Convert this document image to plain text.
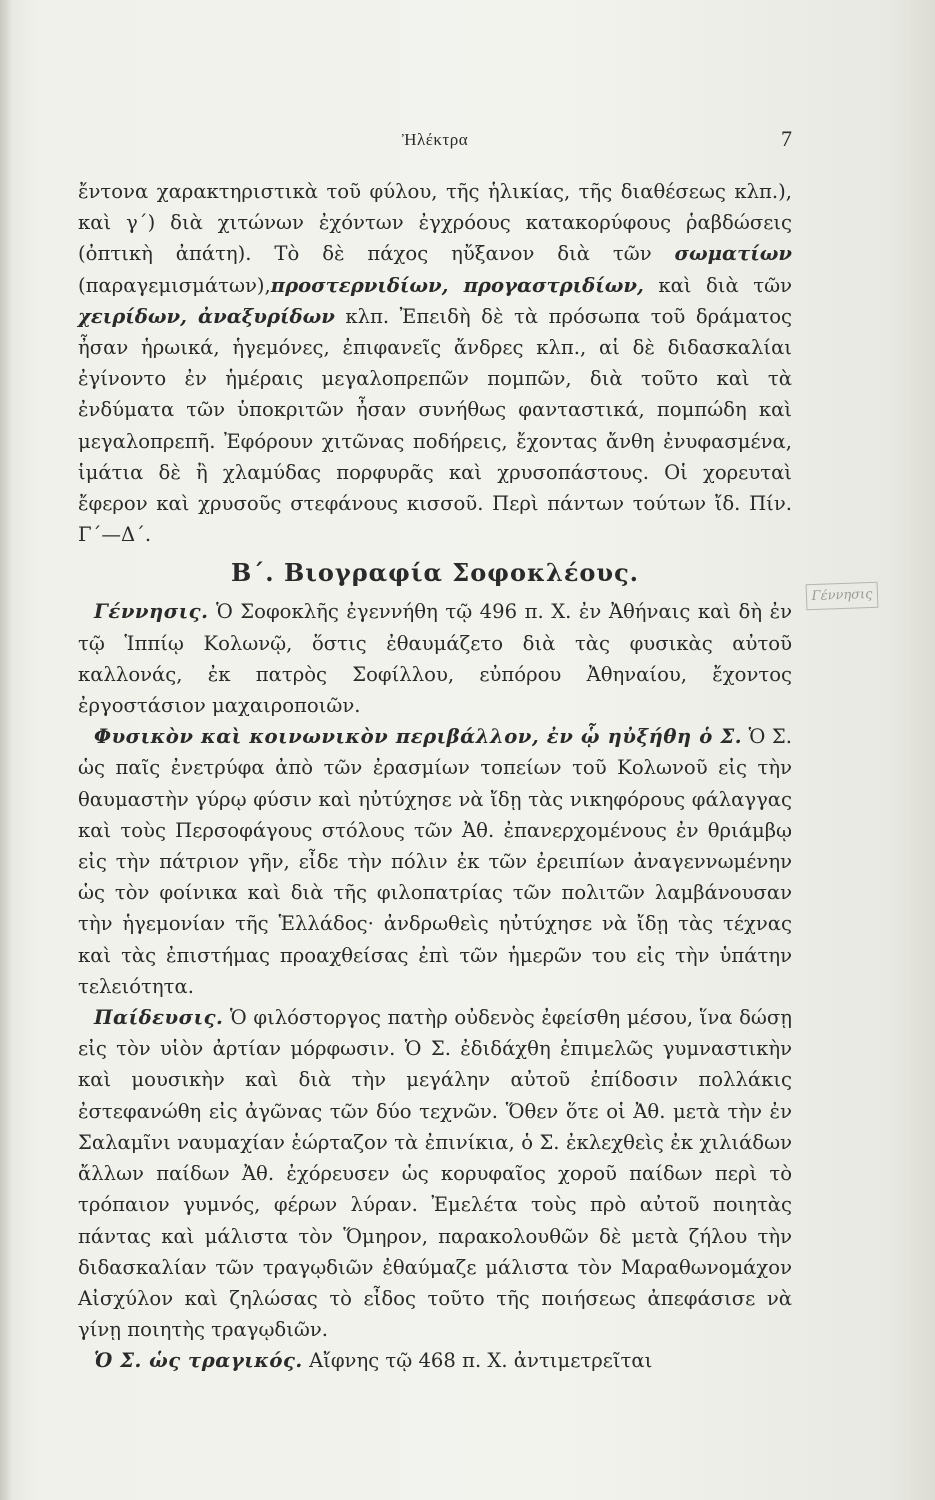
Ἠλέκτρα	7

ἔντονα χαρακτηριστικὰ τοῦ φύλου, τῆς ἡλικίας, τῆς διαθέσεως κλπ.), καὶ γ΄) διὰ χιτώνων ἐχόντων ἐγχρόους κατακορύφους ῥαβδώσεις (ὀπτικὴ ἀπάτη). Τὸ δὲ πάχος ηὔξανον διὰ τῶν σωματίων (παραγεμισμάτων),προστερνιδίων, προγαστριδίων, καὶ διὰ τῶν χειρίδων, ἀναξυρίδων κλπ. Ἐπειδὴ δὲ τὰ πρόσωπα τοῦ δράματος ἦσαν ἡρωικά, ἡγεμόνες, ἐπιφανεῖς ἄνδρες κλπ., αἱ δὲ διδασκαλίαι ἐγίνοντο ἐν ἡμέραις μεγαλοπρεπῶν πομπῶν, διὰ τοῦτο καὶ τὰ ἐνδύματα τῶν ὑποκριτῶν ἦσαν συνήθως φανταστικά, πομπώδη καὶ μεγαλοπρεπῆ. Ἐφόρουν χιτῶνας ποδήρεις, ἔχοντας ἄνθη ἐνυφασμένα, ἱμάτια δὲ ἢ χλαμύδας πορφυρᾶς καὶ χρυσοπάστους. Οἱ χορευταὶ ἔφερον καὶ χρυσοῦς στεφάνους κισσοῦ. Περὶ πάντων τούτων ἴδ. Πίν. Γ΄—Δ΄.

Β΄. Βιογραφία Σοφοκλέους.

Γέννησις. Ὁ Σοφοκλῆς ἐγεννήθη τῷ 496 π. Χ. ἐν Ἀθήναις καὶ δὴ ἐν τῷ Ἱππίῳ Κολωνῷ, ὅστις ἐθαυμάζετο διὰ τὰς φυσικὰς αὐτοῦ καλλονάς, ἐκ πατρὸς Σοφίλλου, εὐπόρου Ἀθηναίου, ἔχοντος ἐργοστάσιον μαχαιροποιῶν.

Φυσικὸν καὶ κοινωνικὸν περιβάλλον, ἐν ᾧ ηὐξήθη ὁ Σ. Ὁ Σ. ὡς παῖς ἐνετρύφα ἀπὸ τῶν ἐρασμίων τοπείων τοῦ Κολωνοῦ εἰς τὴν θαυμαστὴν γύρῳ φύσιν καὶ ηὐτύχησε νὰ ἴδῃ τὰς νικηφόρους φάλαγγας καὶ τοὺς Περσοφάγους στόλους τῶν Ἀθ. ἐπανερχομένους ἐν θριάμβῳ εἰς τὴν πάτριον γῆν, εἶδε τὴν πόλιν ἐκ τῶν ἐρειπίων ἀναγεννωμένην ὡς τὸν φοίνικα καὶ διὰ τῆς φιλοπατρίας τῶν πολιτῶν λαμβάνουσαν τὴν ἡγεμονίαν τῆς Ἑλλάδος· ἀνδρωθεὶς ηὐτύχησε νὰ ἴδῃ τὰς τέχνας καὶ τὰς ἐπιστήμας προαχθείσας ἐπὶ τῶν ἡμερῶν του εἰς τὴν ὑπάτην τελειότητα.

Παίδευσις. Ὁ φιλόστοργος πατὴρ οὐδενὸς ἐφείσθη μέσου, ἵνα δώσῃ εἰς τὸν υἱὸν ἀρτίαν μόρφωσιν. Ὁ Σ. ἐδιδάχθη ἐπιμελῶς γυμναστικὴν καὶ μουσικὴν καὶ διὰ τὴν μεγάλην αὐτοῦ ἐπίδοσιν πολλάκις ἐστεφανώθη εἰς ἀγῶνας τῶν δύο τεχνῶν. Ὅθεν ὅτε οἱ Ἀθ. μετὰ τὴν ἐν Σαλαμῖνι ναυμαχίαν ἑώρταζον τὰ ἐπινίκια, ὁ Σ. ἐκλεχθεὶς ἐκ χιλιάδων ἄλλων παίδων Ἀθ. ἐχόρευσεν ὡς κορυφαῖος χοροῦ παίδων περὶ τὸ τρόπαιον γυμνός, φέρων λύραν. Ἐμελέτα τοὺς πρὸ αὐτοῦ ποιητὰς πάντας καὶ μάλιστα τὸν Ὅμηρον, παρακολουθῶν δὲ μετὰ ζήλου τὴν διδασκαλίαν τῶν τραγῳδιῶν ἐθαύμαζε μάλιστα τὸν Μαραθωνομάχον Αἰσχύλον καὶ ζηλώσας τὸ εἶδος τοῦτο τῆς ποιήσεως ἀπεφάσισε νὰ γίνῃ ποιητὴς τραγῳδιῶν.

Ὁ Σ. ὡς τραγικός. Αἴφνης τῷ 468 π. Χ. ἀντιμετρεῖται

Γέννησις
